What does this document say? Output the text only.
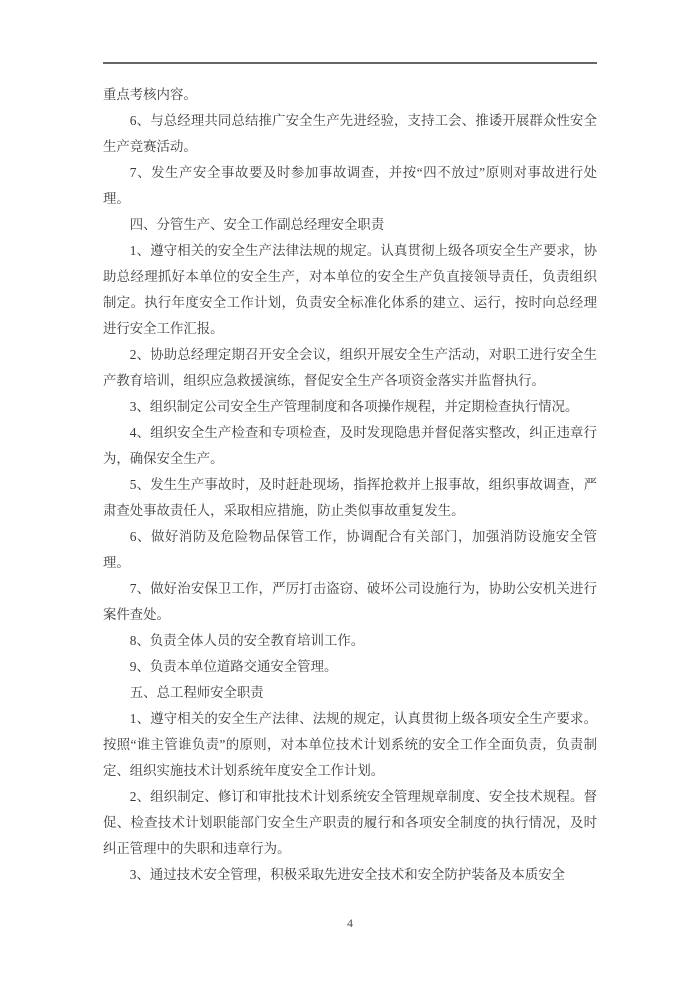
重点考核内容。

6、与总经理共同总结推广安全生产先进经验，支持工会、推诿开展群众性安全生产竞赛活动。

7、发生产安全事故要及时参加事故调查，并按“四不放过”原则对事故进行处理。

四、分管生产、安全工作副总经理安全职责

1、遵守相关的安全生产法律法规的规定。认真贯彻上级各项安全生产要求，协助总经理抓好本单位的安全生产，对本单位的安全生产负直接领导责任，负责组织制定。执行年度安全工作计划，负责安全标准化体系的建立、运行，按时向总经理进行安全工作汇报。

2、协助总经理定期召开安全会议，组织开展安全生产活动，对职工进行安全生产教育培训，组织应急救援演练，督促安全生产各项资金落实并监督执行。

3、组织制定公司安全生产管理制度和各项操作规程，并定期检查执行情况。

4、组织安全生产检查和专项检查，及时发现隐患并督促落实整改，纠正违章行为，确保安全生产。

5、发生生产事故时，及时赶赴现场，指挥抢救并上报事故，组织事故调查，严肃查处事故责任人，采取相应措施，防止类似事故重复发生。

6、做好消防及危险物品保管工作，协调配合有关部门，加强消防设施安全管理。

7、做好治安保卫工作，严厉打击盗窃、破坏公司设施行为，协助公安机关进行案件查处。

8、负责全体人员的安全教育培训工作。

9、负责本单位道路交通安全管理。

五、总工程师安全职责

1、遵守相关的安全生产法律、法规的规定，认真贯彻上级各项安全生产要求。按照“谁主管谁负责”的原则，对本单位技术计划系统的安全工作全面负责，负责制定、组织实施技术计划系统年度安全工作计划。

2、组织制定、修订和审批技术计划系统安全管理规章制度、安全技术规程。督促、检查技术计划职能部门安全生产职责的履行和各项安全制度的执行情况，及时纠正管理中的失职和违章行为。

3、通过技术安全管理，积极采取先进安全技术和安全防护装备及本质安全

4
